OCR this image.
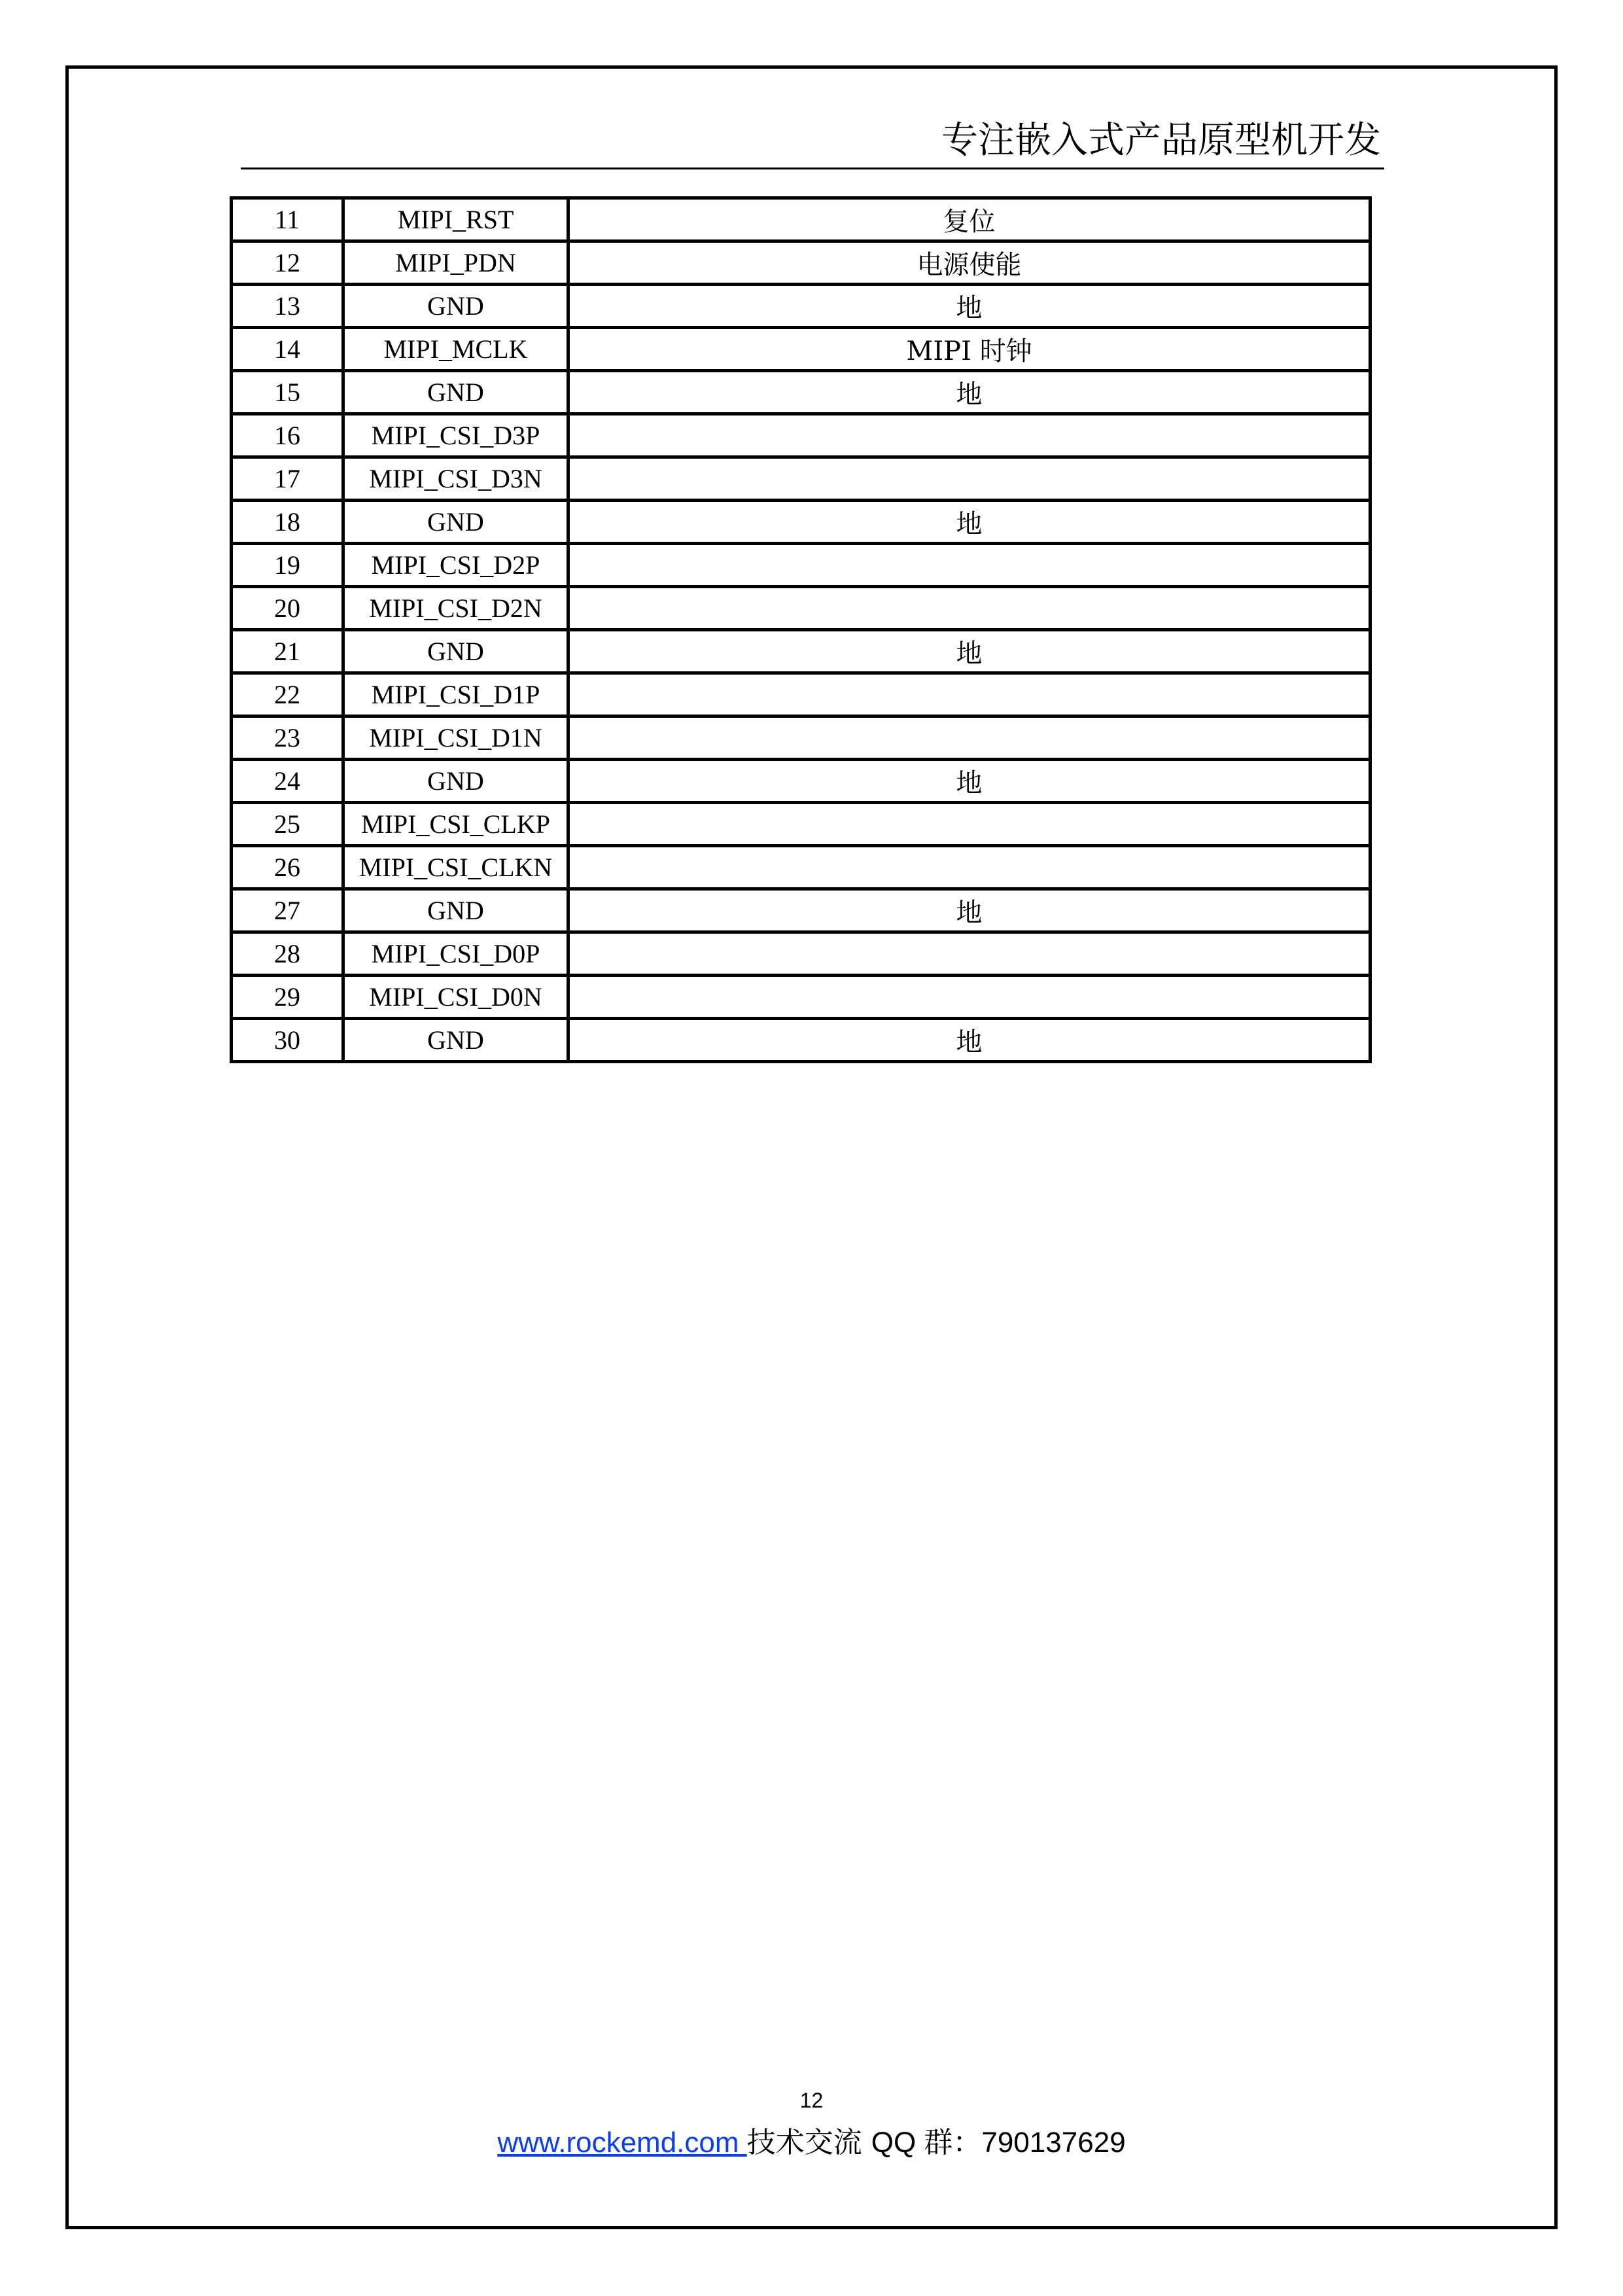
专注嵌入式产品原型机开发
11	MIPI_RST	复位
12	MIPI_PDN	电源使能
13	GND	地
14	MIPI_MCLK	MIPI 时钟
15	GND	地
16	MIPI_CSI_D3P	
17	MIPI_CSI_D3N	
18	GND	地
19	MIPI_CSI_D2P	
20	MIPI_CSI_D2N	
21	GND	地
22	MIPI_CSI_D1P	
23	MIPI_CSI_D1N	
24	GND	地
25	MIPI_CSI_CLKP	
26	MIPI_CSI_CLKN	
27	GND	地
28	MIPI_CSI_D0P	
29	MIPI_CSI_D0N	
30	GND	地
12
www.rockemd.com 技术交流 QQ 群：790137629
